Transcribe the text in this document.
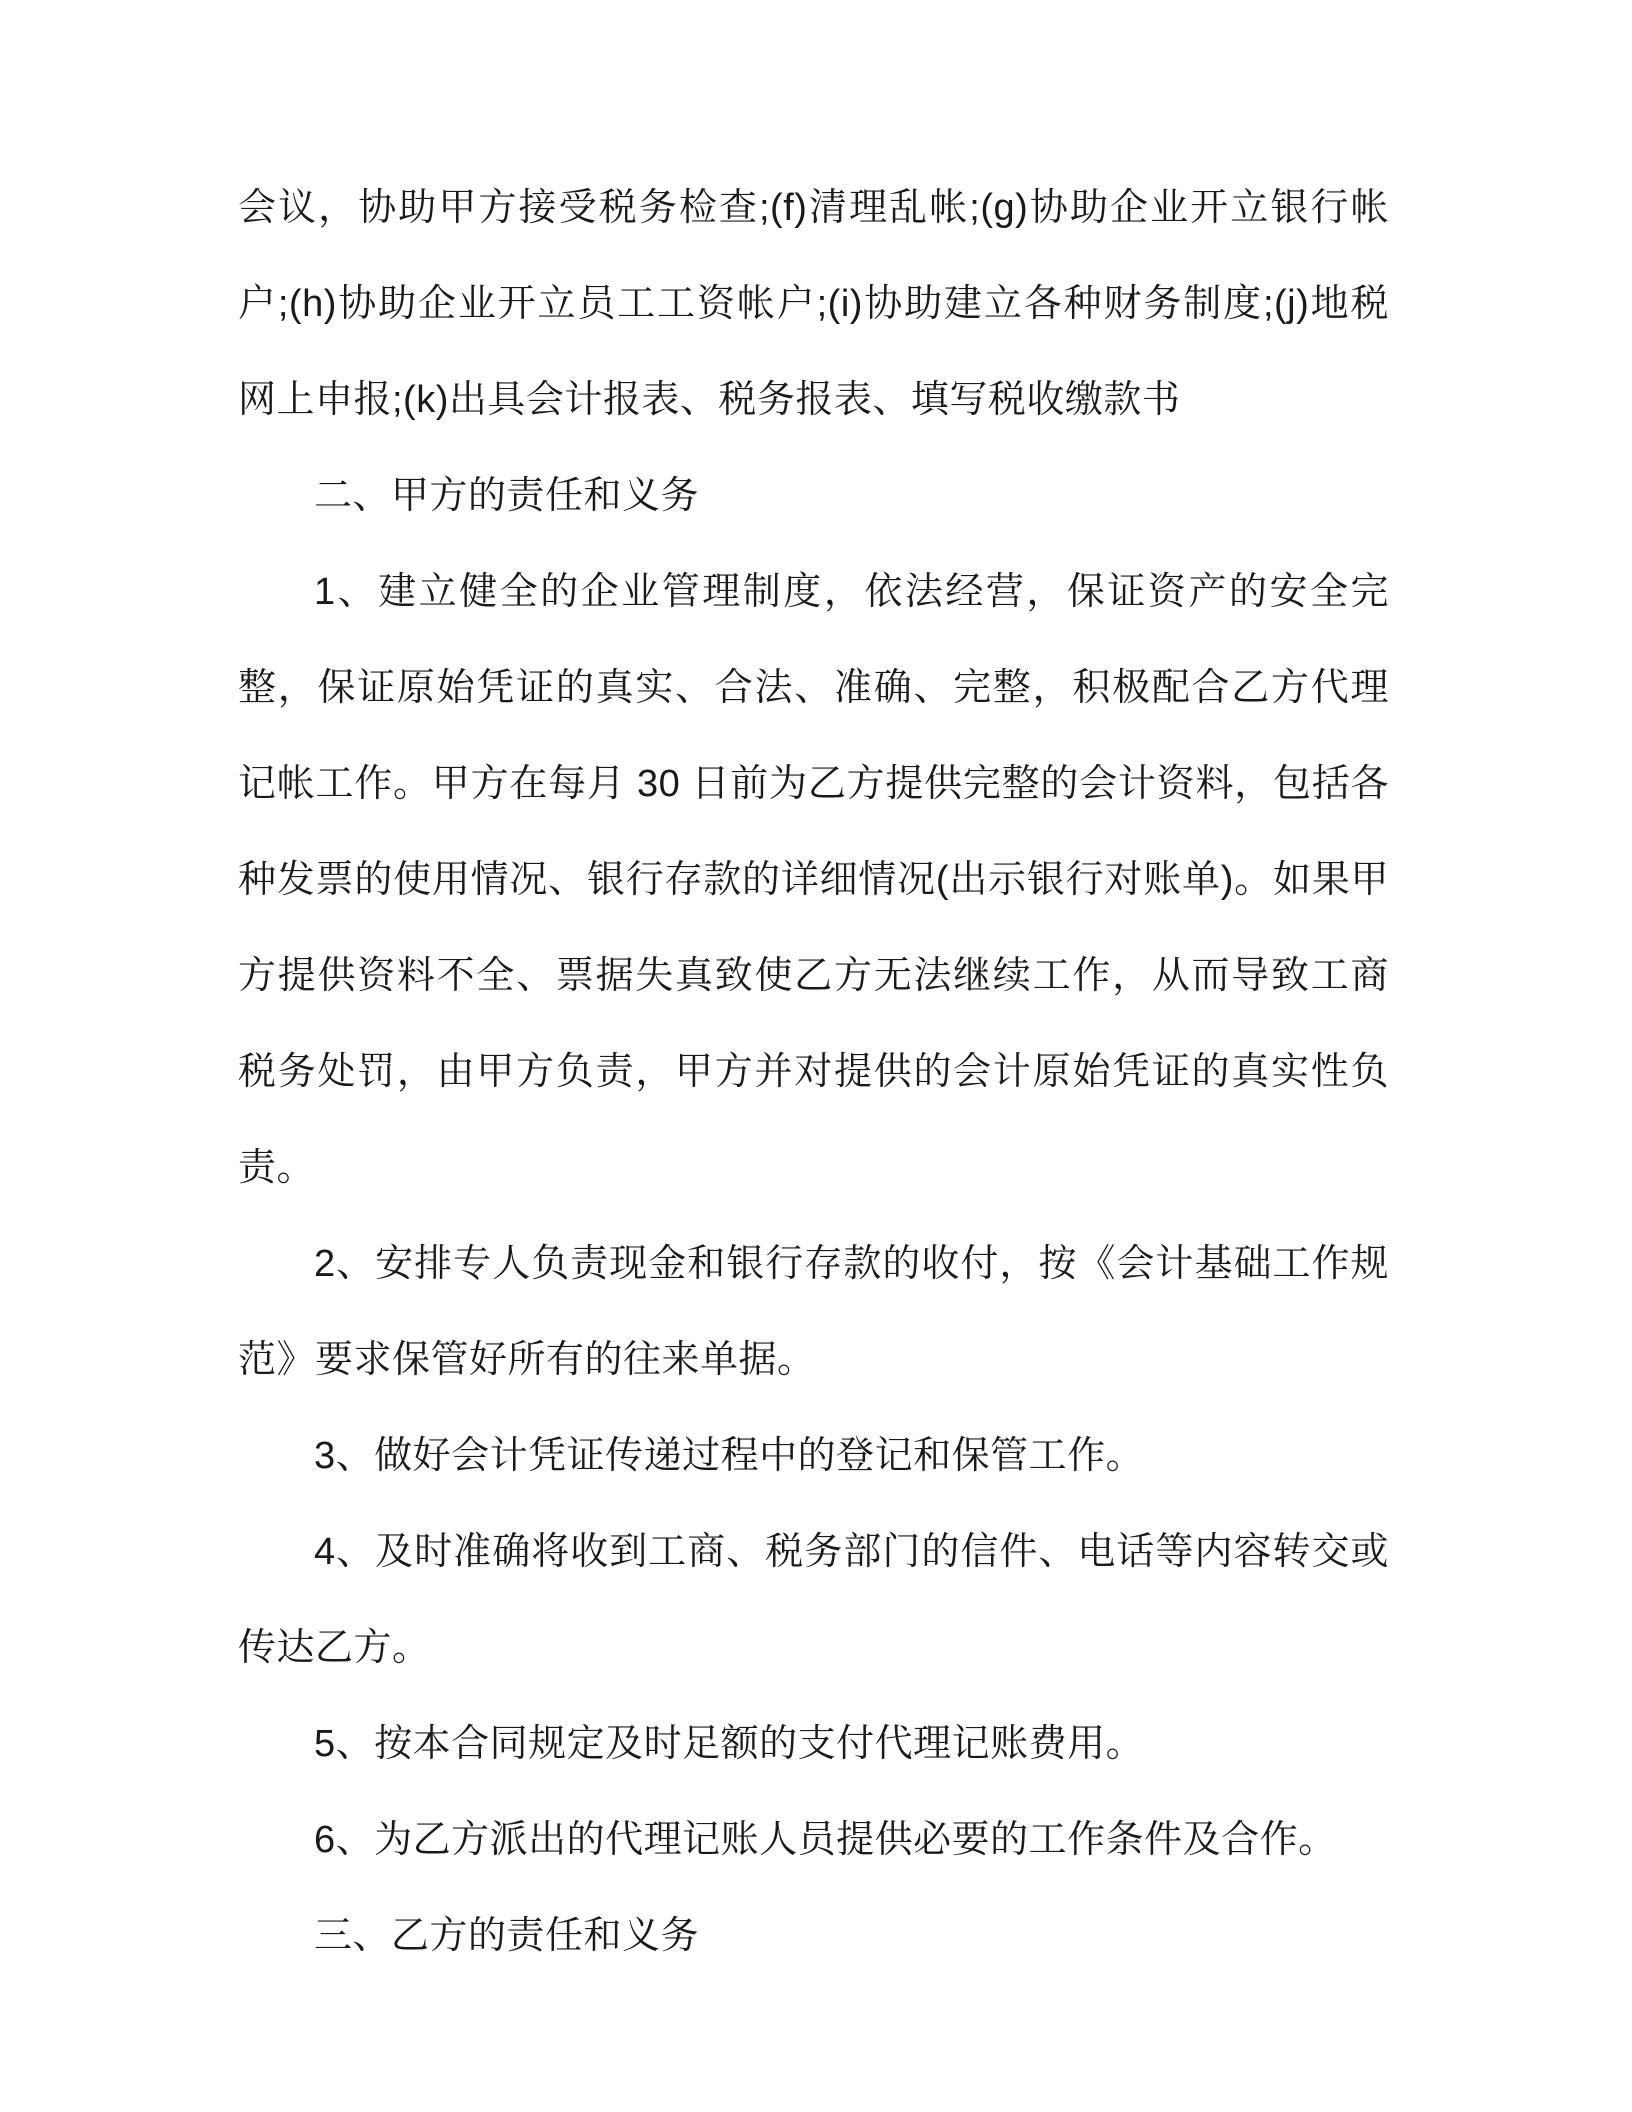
会议，协助甲方接受税务检查;(f)清理乱帐;(g)协助企业开立银行帐户;(h)协助企业开立员工工资帐户;(i)协助建立各种财务制度;(j)地税网上申报;(k)出具会计报表、税务报表、填写税收缴款书

二、甲方的责任和义务

1、建立健全的企业管理制度，依法经营，保证资产的安全完整，保证原始凭证的真实、合法、准确、完整，积极配合乙方代理记帐工作。甲方在每月 30 日前为乙方提供完整的会计资料，包括各种发票的使用情况、银行存款的详细情况(出示银行对账单)。如果甲方提供资料不全、票据失真致使乙方无法继续工作，从而导致工商税务处罚，由甲方负责，甲方并对提供的会计原始凭证的真实性负责。

2、安排专人负责现金和银行存款的收付，按《会计基础工作规范》要求保管好所有的往来单据。

3、做好会计凭证传递过程中的登记和保管工作。

4、及时准确将收到工商、税务部门的信件、电话等内容转交或传达乙方。

5、按本合同规定及时足额的支付代理记账费用。

6、为乙方派出的代理记账人员提供必要的工作条件及合作。

三、乙方的责任和义务
